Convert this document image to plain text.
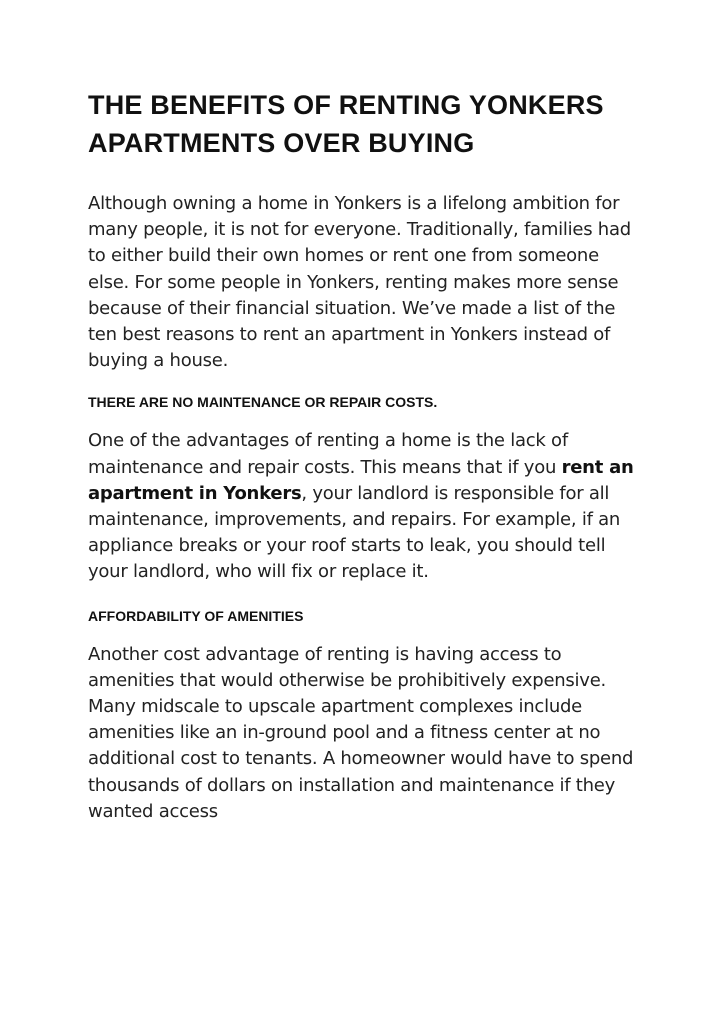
THE BENEFITS OF RENTING YONKERS APARTMENTS OVER BUYING

Although owning a home in Yonkers is a lifelong ambition for many people, it is not for everyone. Traditionally, families had to either build their own homes or rent one from someone else. For some people in Yonkers, renting makes more sense because of their financial situation. We’ve made a list of the ten best reasons to rent an apartment in Yonkers instead of buying a house.

THERE ARE NO MAINTENANCE OR REPAIR COSTS.

One of the advantages of renting a home is the lack of maintenance and repair costs. This means that if you rent an apartment in Yonkers, your landlord is responsible for all maintenance, improvements, and repairs. For example, if an appliance breaks or your roof starts to leak, you should tell your landlord, who will fix or replace it.

AFFORDABILITY OF AMENITIES

Another cost advantage of renting is having access to amenities that would otherwise be prohibitively expensive. Many midscale to upscale apartment complexes include amenities like an in-ground pool and a fitness center at no additional cost to tenants. A homeowner would have to spend thousands of dollars on installation and maintenance if they wanted access
